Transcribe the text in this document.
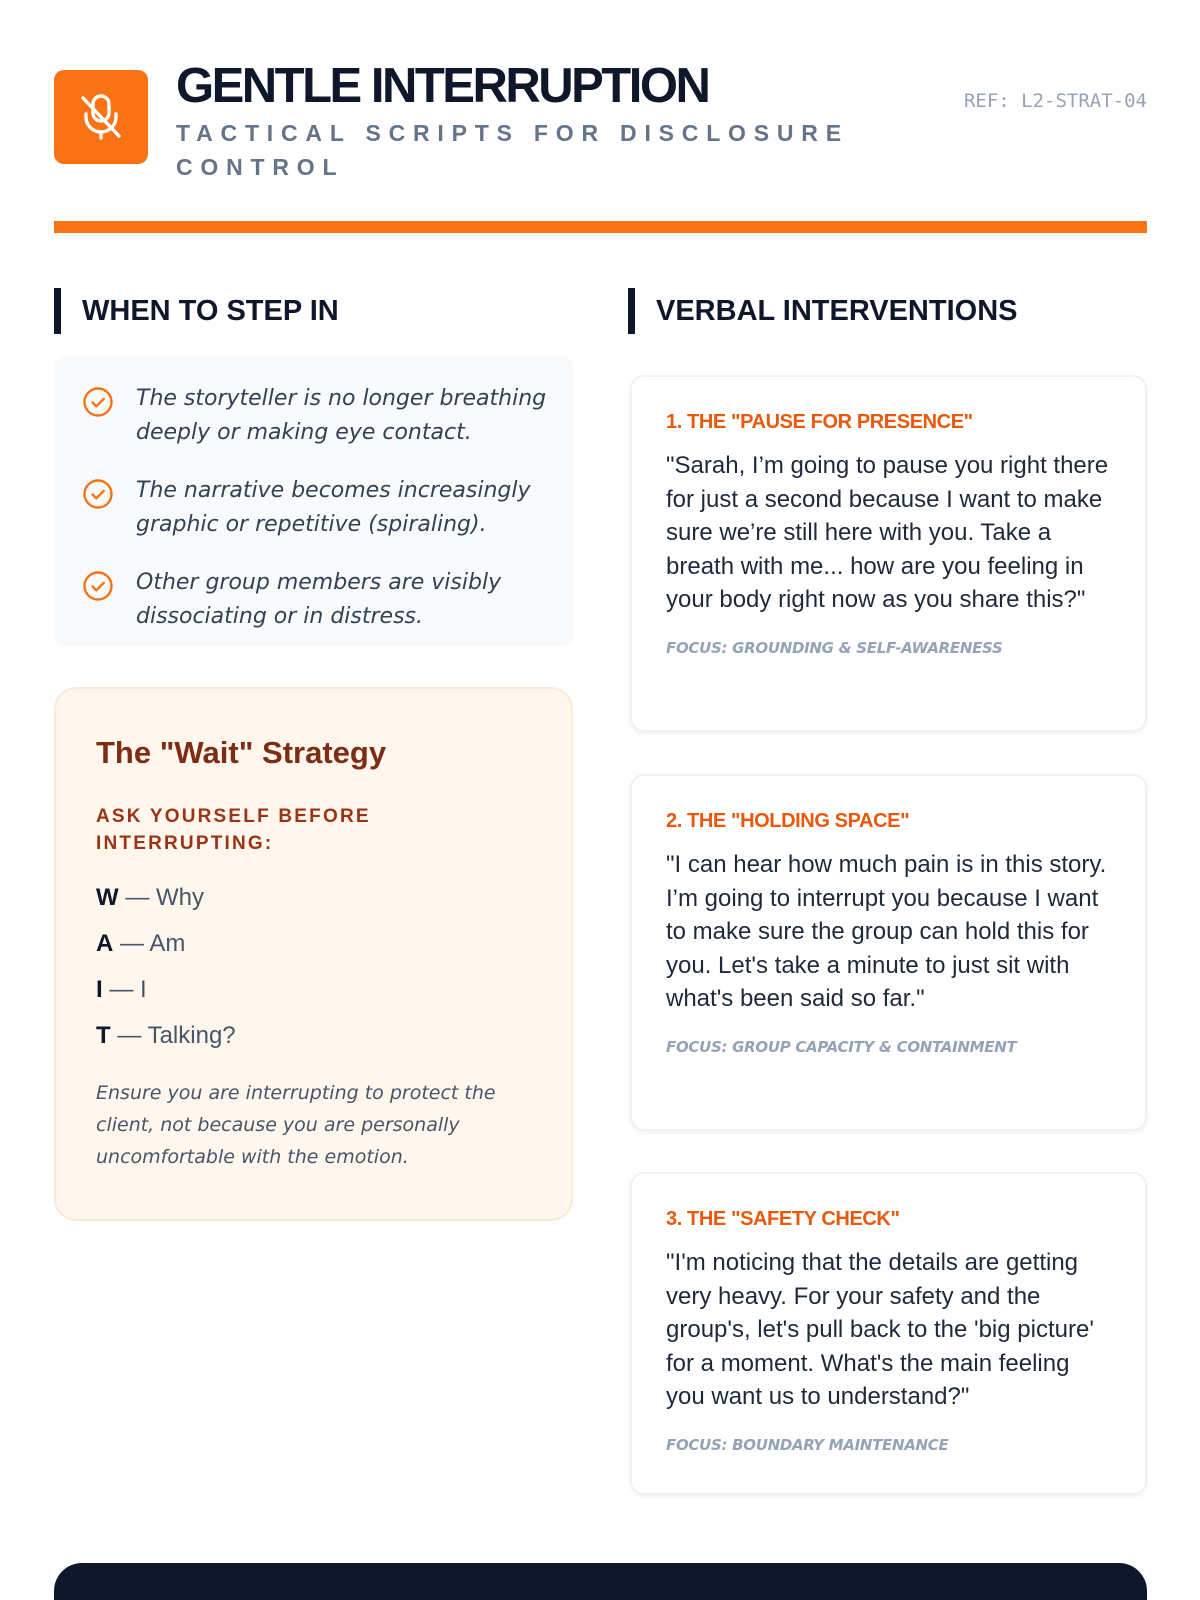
GENTLE INTERRUPTION
TACTICAL SCRIPTS FOR DISCLOSURE CONTROL
REF: L2-STRAT-04
WHEN TO STEP IN
The storyteller is no longer breathing deeply or making eye contact.
The narrative becomes increasingly graphic or repetitive (spiraling).
Other group members are visibly dissociating or in distress.
The "Wait" Strategy
ASK YOURSELF BEFORE INTERRUPTING:
W — Why
A — Am
I — I
T — Talking?
Ensure you are interrupting to protect the client, not because you are personally uncomfortable with the emotion.
VERBAL INTERVENTIONS
1. THE "PAUSE FOR PRESENCE"
"Sarah, I’m going to pause you right there for just a second because I want to make sure we’re still here with you. Take a breath with me... how are you feeling in your body right now as you share this?"
FOCUS: GROUNDING & SELF-AWARENESS
2. THE "HOLDING SPACE"
"I can hear how much pain is in this story. I’m going to interrupt you because I want to make sure the group can hold this for you. Let's take a minute to just sit with what's been said so far."
FOCUS: GROUP CAPACITY & CONTAINMENT
3. THE "SAFETY CHECK"
"I'm noticing that the details are getting very heavy. For your safety and the group's, let's pull back to the 'big picture' for a moment. What's the main feeling you want us to understand?"
FOCUS: BOUNDARY MAINTENANCE
